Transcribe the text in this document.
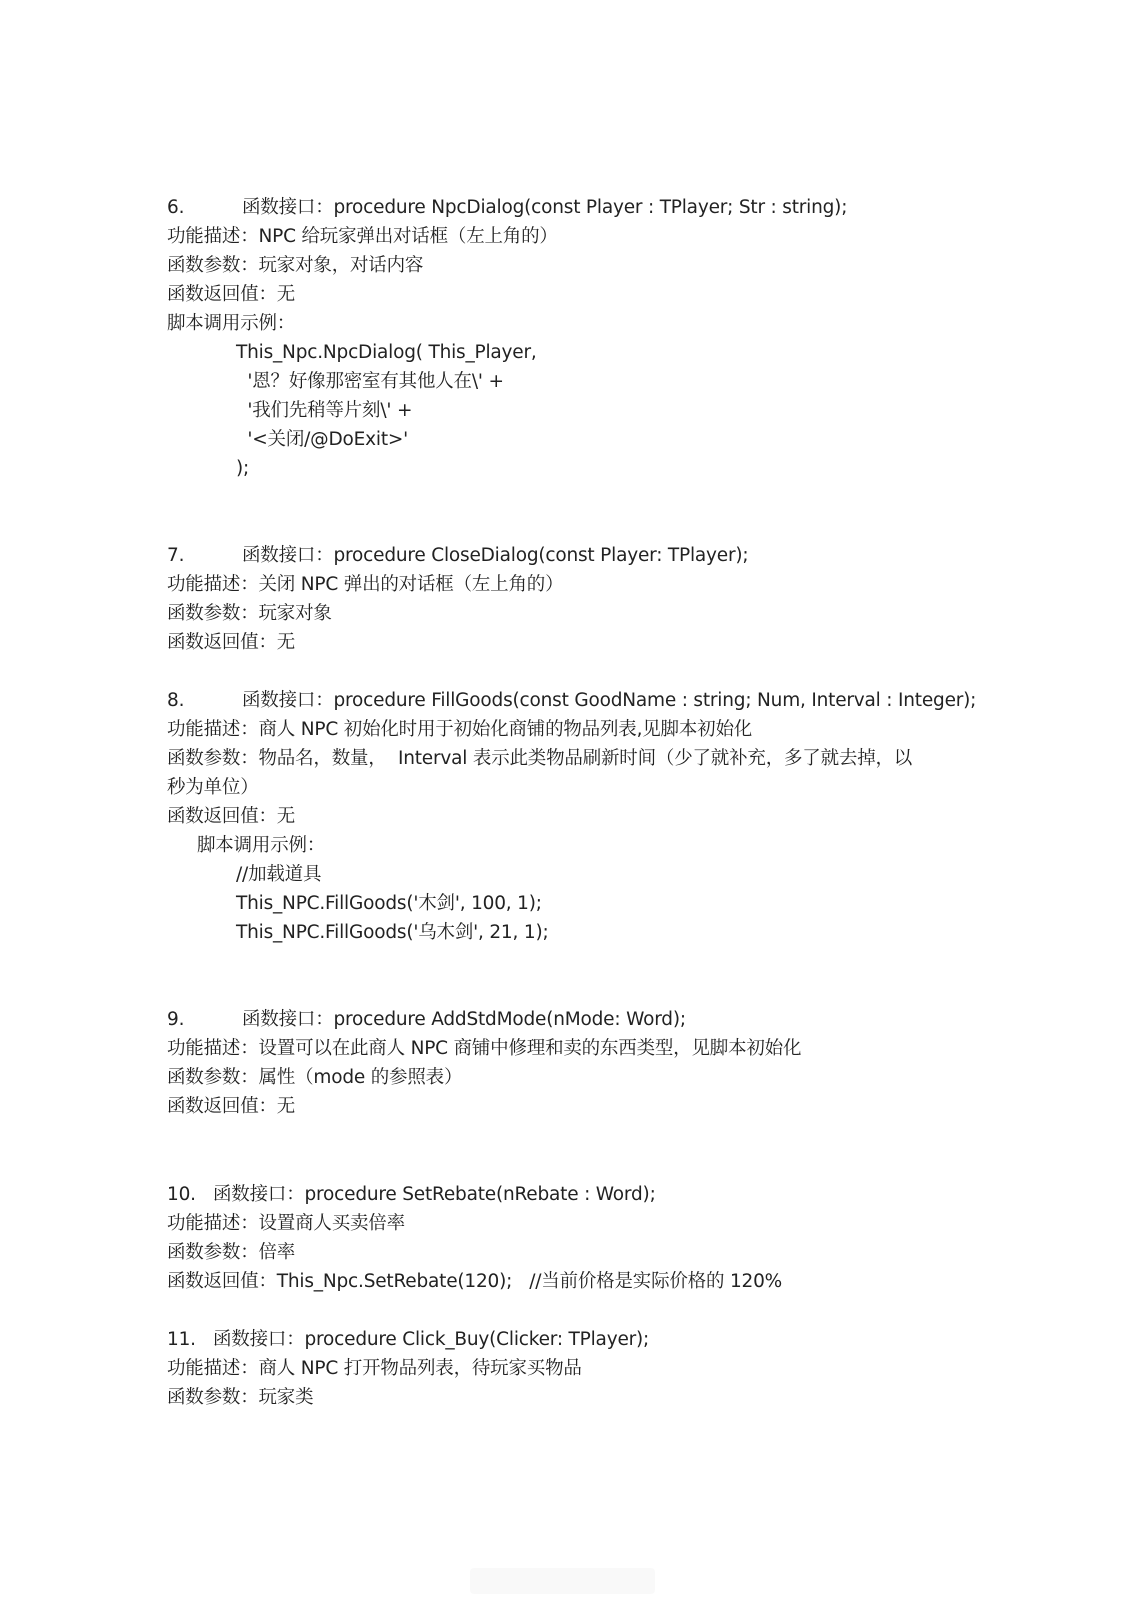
6.	函数接口：procedure NpcDialog(const Player : TPlayer; Str : string);
功能描述：NPC 给玩家弹出对话框（左上角的）
函数参数：玩家对象，对话内容
函数返回值：无
脚本调用示例：
This_Npc.NpcDialog( This_Player,
'恩？好像那密室有其他人在\' +
'我们先稍等片刻\' +
'<关闭/@DoExit>'
);
7.	函数接口：procedure CloseDialog(const Player: TPlayer);
功能描述：关闭 NPC 弹出的对话框（左上角的）
函数参数：玩家对象
函数返回值：无
8.	函数接口：procedure FillGoods(const GoodName : string; Num, Interval : Integer);
功能描述：商人 NPC 初始化时用于初始化商铺的物品列表,见脚本初始化
函数参数：物品名，数量，  Interval 表示此类物品刷新时间（少了就补充，多了就去掉，以
秒为单位）
函数返回值：无
脚本调用示例：
//加载道具
This_NPC.FillGoods('木剑', 100, 1);
This_NPC.FillGoods('乌木剑', 21, 1);
9.	函数接口：procedure AddStdMode(nMode: Word);
功能描述：设置可以在此商人 NPC 商铺中修理和卖的东西类型，见脚本初始化
函数参数：属性（mode 的参照表）
函数返回值：无
10. 函数接口：procedure SetRebate(nRebate : Word);
功能描述：设置商人买卖倍率
函数参数：倍率
函数返回值：This_Npc.SetRebate(120);   //当前价格是实际价格的 120%
11. 函数接口：procedure Click_Buy(Clicker: TPlayer);
功能描述：商人 NPC 打开物品列表，待玩家买物品
函数参数：玩家类
